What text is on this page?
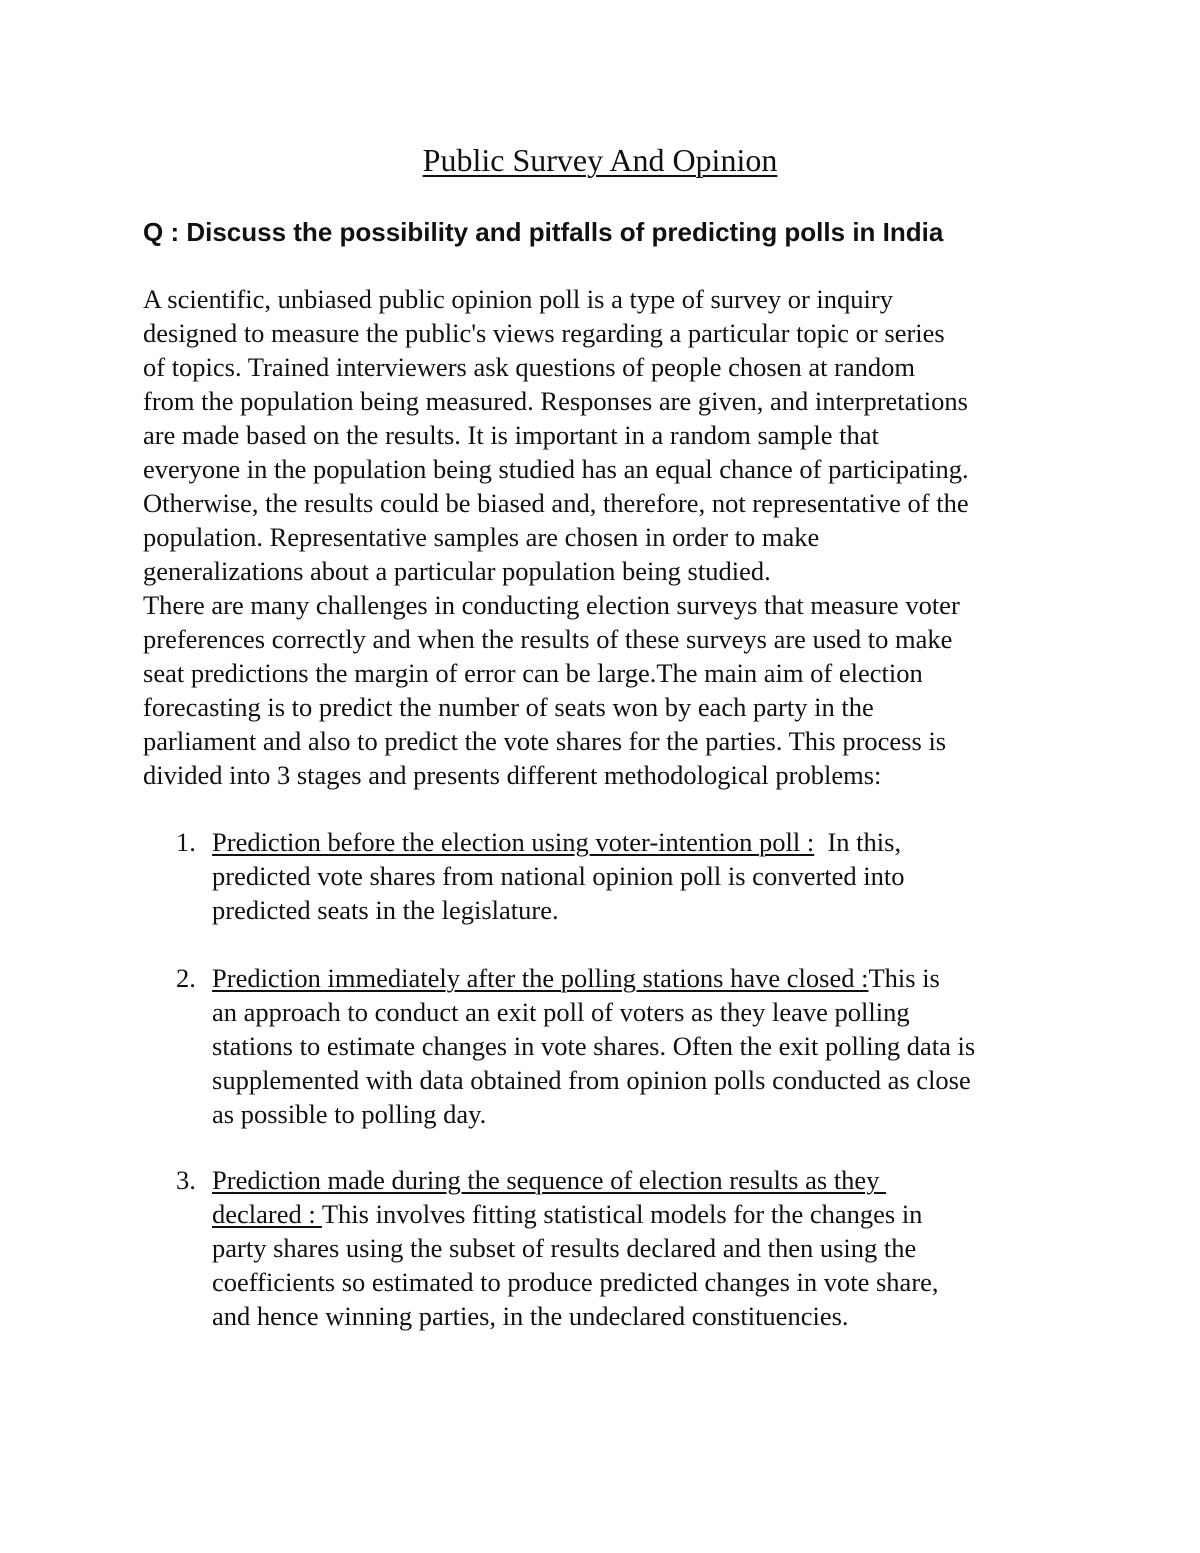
Public Survey And Opinion

Q : Discuss the possibility and pitfalls of predicting polls in India

A scientific, unbiased public opinion poll is a type of survey or inquiry
designed to measure the public's views regarding a particular topic or series
of topics. Trained interviewers ask questions of people chosen at random
from the population being measured. Responses are given, and interpretations
are made based on the results. It is important in a random sample that
everyone in the population being studied has an equal chance of participating.
Otherwise, the results could be biased and, therefore, not representative of the
population. Representative samples are chosen in order to make
generalizations about a particular population being studied.
There are many challenges in conducting election surveys that measure voter
preferences correctly and when the results of these surveys are used to make
seat predictions the margin of error can be large.The main aim of election
forecasting is to predict the number of seats won by each party in the
parliament and also to predict the vote shares for the parties. This process is
divided into 3 stages and presents different methodological problems:
1. Prediction before the election using voter-intention poll :  In this,
predicted vote shares from national opinion poll is converted into
predicted seats in the legislature.
2. Prediction immediately after the polling stations have closed :This is
an approach to conduct an exit poll of voters as they leave polling
stations to estimate changes in vote shares. Often the exit polling data is
supplemented with data obtained from opinion polls conducted as close
as possible to polling day.
3. Prediction made during the sequence of election results as they
declared : This involves fitting statistical models for the changes in
party shares using the subset of results declared and then using the
coefficients so estimated to produce predicted changes in vote share,
and hence winning parties, in the undeclared constituencies.
